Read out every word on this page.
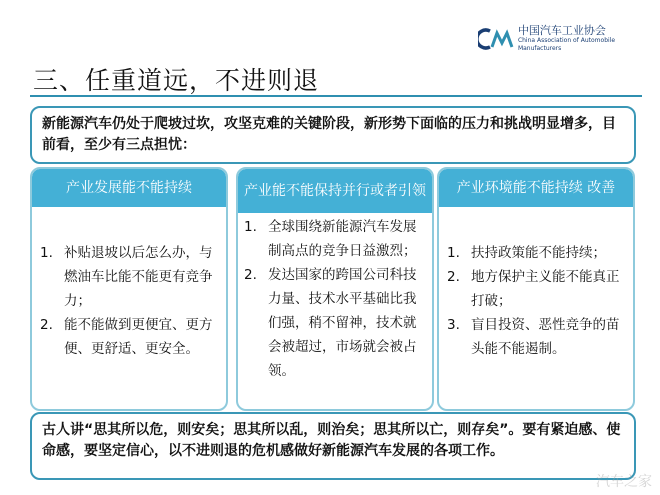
中国汽车工业协会
China Association of Automobile Manufacturers
三、任重道远，不进则退

新能源汽车仍处于爬坡过坎，攻坚克难的关键阶段，新形势下面临的压力和挑战明显增多，目前看，至少有三点担忧：

产业发展能不能持续
1. 补贴退坡以后怎么办，与燃油车比能不能更有竞争力；
2. 能不能做到更便宜、更方便、更舒适、更安全。
产业能不能保持并行或者引领
1. 全球围绕新能源汽车发展制高点的竞争日益激烈；
2. 发达国家的跨国公司科技力量、技术水平基础比我们强，稍不留神，技术就会被超过，市场就会被占领。
产业环境能不能持续 改善
1. 扶持政策能不能持续；
2. 地方保护主义能不能真正打破；
3. 盲目投资、恶性竞争的苗头能不能遏制。

古人讲“思其所以危，则安矣；思其所以乱，则治矣；思其所以亡，则存矣”。要有紧迫感、使命感，要坚定信心，以不进则退的危机感做好新能源汽车发展的各项工作。

汽车之家
